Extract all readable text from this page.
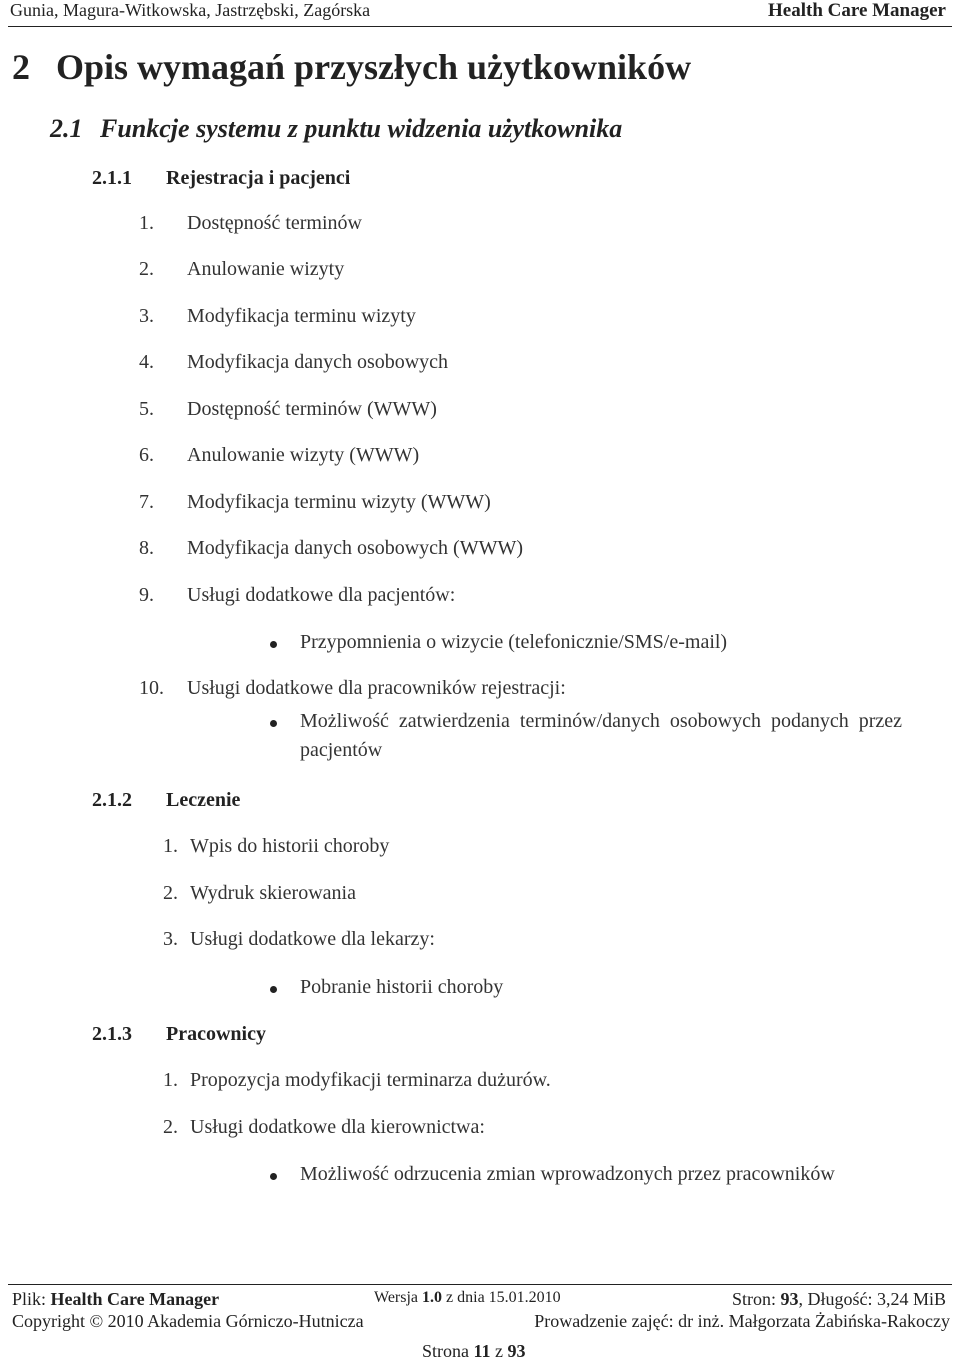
Gunia, Magura-Witkowska, Jastrzębski, Zagórska	Health Care Manager
2 Opis wymagań przyszłych użytkowników
2.1 Funkcje systemu z punktu widzenia użytkownika
2.1.1 Rejestracja i pacjenci
1. Dostępność terminów
2. Anulowanie wizyty
3. Modyfikacja terminu wizyty
4. Modyfikacja danych osobowych
5. Dostępność terminów (WWW)
6. Anulowanie wizyty (WWW)
7. Modyfikacja terminu wizyty (WWW)
8. Modyfikacja danych osobowych (WWW)
9. Usługi dodatkowe dla pacjentów:
Przypomnienia o wizycie (telefonicznie/SMS/e-mail)
10. Usługi dodatkowe dla pracowników rejestracji:
Możliwość zatwierdzenia terminów/danych osobowych podanych przez
pacjentów
2.1.2 Leczenie
1. Wpis do historii choroby
2. Wydruk skierowania
3. Usługi dodatkowe dla lekarzy:
Pobranie historii choroby
2.1.3 Pracownicy
1. Propozycja modyfikacji terminarza dużurów.
2. Usługi dodatkowe dla kierownictwa:
Możliwość odrzucenia zmian wprowadzonych przez pracowników
Plik: Health Care Manager	Wersja 1.0 z dnia 15.01.2010	Stron: 93, Długość: 3,24 MiB
Copyright © 2010 Akademia Górniczo-Hutnicza	Prowadzenie zajęć: dr inż. Małgorzata Żabińska-Rakoczy
Strona 11 z 93
